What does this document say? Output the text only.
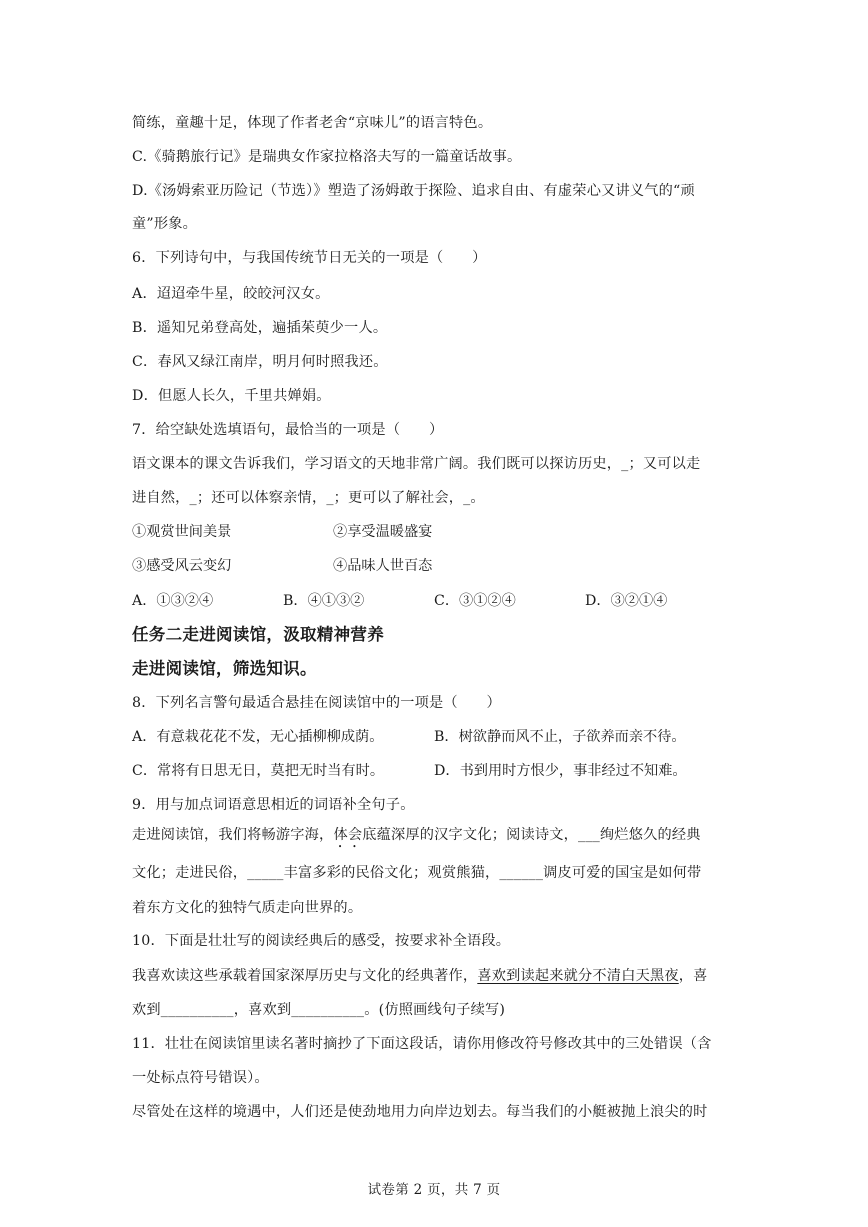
简练，童趣十足，体现了作者老舍“京味儿”的语言特色。
C.《骑鹅旅行记》是瑞典女作家拉格洛夫写的一篇童话故事。
D.《汤姆索亚历险记（节选）》塑造了汤姆敢于探险、追求自由、有虚荣心又讲义气的“顽
童”形象。
6．下列诗句中，与我国传统节日无关的一项是（　　）
A．迢迢牵牛星，皎皎河汉女。
B．遥知兄弟登高处，遍插茱萸少一人。
C．春风又绿江南岸，明月何时照我还。
D．但愿人长久，千里共婵娟。
7．给空缺处选填语句，最恰当的一项是（　　）
语文课本的课文告诉我们，学习语文的天地非常广阔。我们既可以探访历史，_；又可以走
进自然，_；还可以体察亲情，_；更可以了解社会，_。
①观赏世间美景	②享受温暖盛宴
③感受风云变幻	④品味人世百态
A．①③②④	B．④①③②	C．③①②④	D．③②①④
任务二走进阅读馆，汲取精神营养
走进阅读馆，筛选知识。
8．下列名言警句最适合悬挂在阅读馆中的一项是（　　）
A．有意栽花花不发，无心插柳柳成荫。	B．树欲静而风不止，子欲养而亲不待。
C．常将有日思无日，莫把无时当有时。	D．书到用时方恨少，事非经过不知难。
9．用与加点词语意思相近的词语补全句子。
走进阅读馆，我们将畅游字海，体会底蕴深厚的汉字文化；阅读诗文，___绚烂悠久的经典
文化；走进民俗，_____丰富多彩的民俗文化；观赏熊猫，______调皮可爱的国宝是如何带
着东方文化的独特气质走向世界的。
10．下面是壮壮写的阅读经典后的感受，按要求补全语段。
我喜欢读这些承载着国家深厚历史与文化的经典著作，喜欢到读起来就分不清白天黑夜，喜
欢到__________，喜欢到__________。(仿照画线句子续写)
11．壮壮在阅读馆里读名著时摘抄了下面这段话，请你用修改符号修改其中的三处错误（含
一处标点符号错误）。
尽管处在这样的境遇中，人们还是使劲地用力向岸边划去。每当我们的小艇被抛上浪尖的时
试卷第 2 页，共 7 页
